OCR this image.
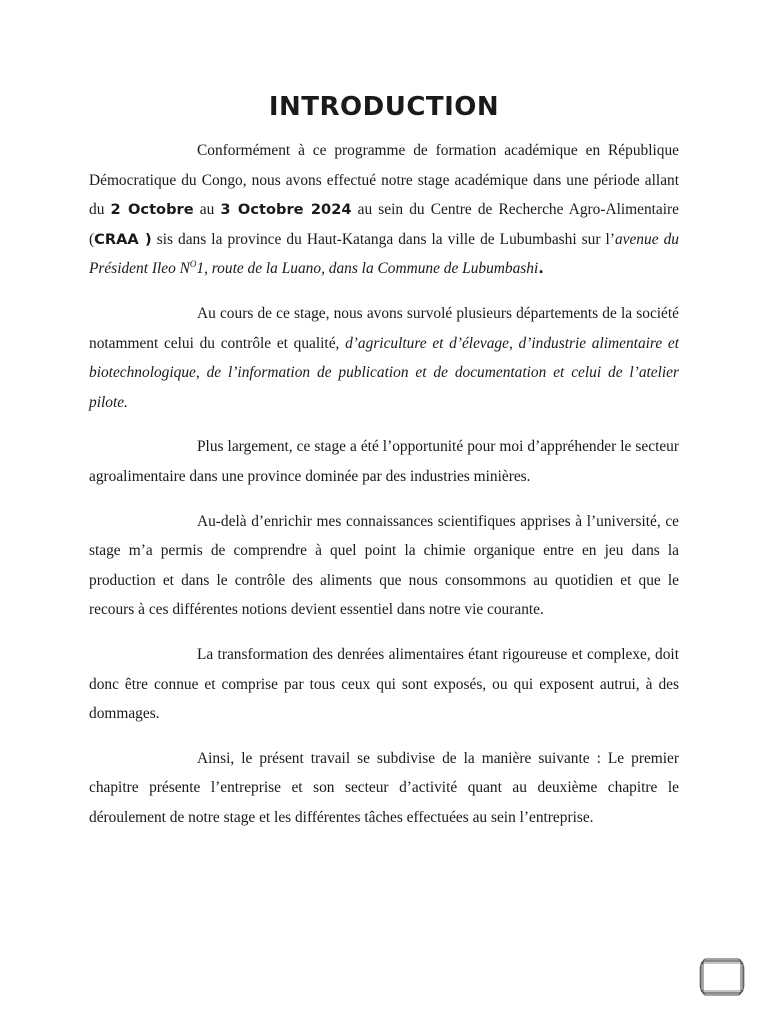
INTRODUCTION

Conformément à ce programme de formation académique en République Démocratique du Congo, nous avons effectué notre stage académique dans une période allant du 2 Octobre au 3 Octobre 2024 au sein du Centre de Recherche Agro-Alimentaire (CRAA ) sis dans la province du Haut-Katanga dans la ville de Lubumbashi sur l’avenue du Président Ileo $N^O1$, route de la Luano, dans la Commune de Lubumbashi.

Au cours de ce stage, nous avons survolé plusieurs départements de la société notamment celui du contrôle et qualité, d’agriculture et d’élevage, d’industrie alimentaire et biotechnologique, de l’information de publication et de documentation et celui de l’atelier pilote.

Plus largement, ce stage a été l’opportunité pour moi d’appréhender le secteur agroalimentaire dans une province dominée par des industries minières.

Au-delà d’enrichir mes connaissances scientifiques apprises à l’université, ce stage m’a permis de comprendre à quel point la chimie organique entre en jeu dans la production et dans le contrôle des aliments que nous consommons au quotidien et que le recours à ces différentes notions devient essentiel dans notre vie courante.

La transformation des denrées alimentaires étant rigoureuse et complexe, doit donc être connue et comprise par tous ceux qui sont exposés, ou qui exposent autrui, à des dommages.

Ainsi, le présent travail se subdivise de la manière suivante : Le premier chapitre présente l’entreprise et son secteur d’activité quant au deuxième chapitre le déroulement de notre stage et les différentes tâches effectuées au sein l’entreprise.
